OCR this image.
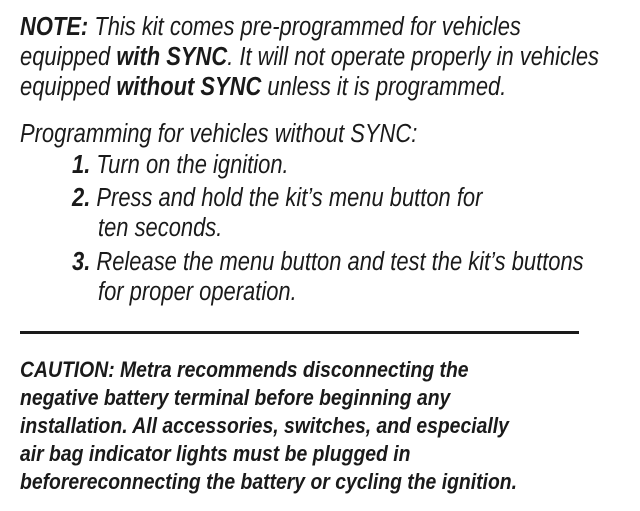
NOTE: This kit comes pre-programmed for vehicles
equipped with SYNC. It will not operate properly in vehicles
equipped without SYNC unless it is programmed.
Programming for vehicles without SYNC:
1. Turn on the ignition.
2. Press and hold the kit’s menu button for
ten seconds.
3. Release the menu button and test the kit’s buttons
for proper operation.
CAUTION: Metra recommends disconnecting the
negative battery terminal before beginning any
installation. All accessories, switches, and especially
air bag indicator lights must be plugged in
beforereconnecting the battery or cycling the ignition.
